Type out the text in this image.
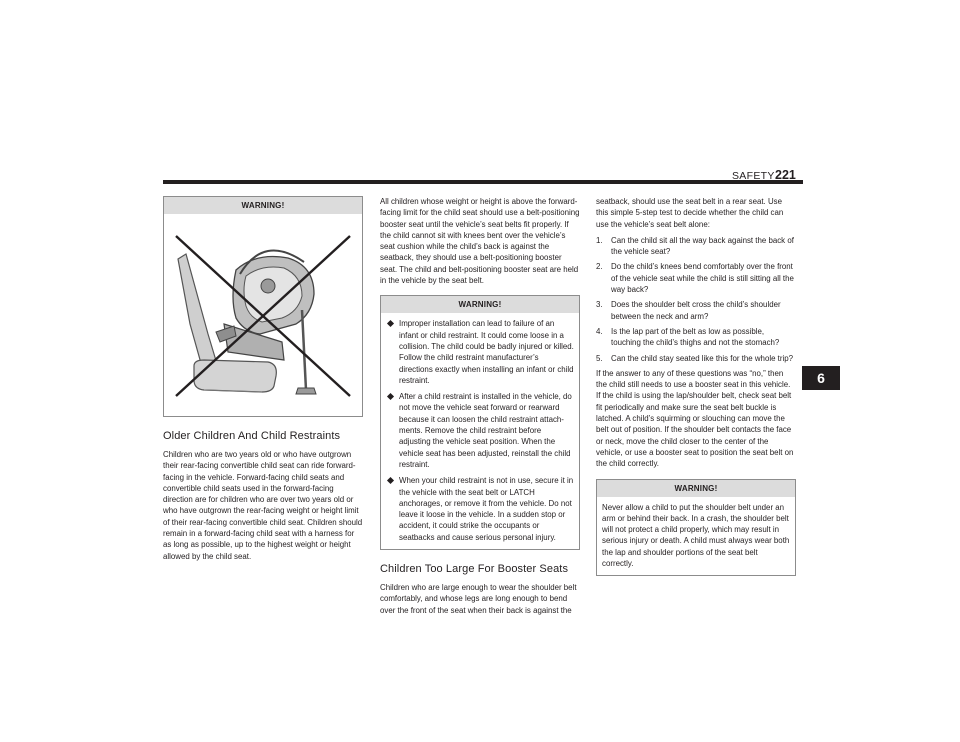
SAFETY 221
6
WARNING!
Older Children And Child Restraints

Children who are two years old or who have outgrown their rear-facing convertible child seat can ride forward-facing in the vehicle. Forward-facing child seats and convertible child seats used in the forward-facing direction are for children who are over two years old or who have outgrown the rear-facing weight or height limit of their rear-facing convertible child seat. Children should remain in a forward-facing child seat with a harness for as long as possible, up to the highest weight or height allowed by the child seat.

All children whose weight or height is above the forward-facing limit for the child seat should use a belt-positioning booster seat until the vehicle’s seat belts fit properly. If the child cannot sit with knees bent over the vehicle’s seat cushion while the child’s back is against the seatback, they should use a belt-positioning booster seat. The child and belt-positioning booster seat are held in the vehicle by the seat belt.

WARNING!
Improper installation can lead to failure of an infant or child restraint. It could come loose in a collision. The child could be badly injured or killed. Follow the child restraint manufacturer’s directions exactly when installing an infant or child restraint.
After a child restraint is installed in the vehicle, do not move the vehicle seat forward or rearward because it can loosen the child restraint attach-ments. Remove the child restraint before adjusting the vehicle seat position. When the vehicle seat has been adjusted, reinstall the child restraint.
When your child restraint is not in use, secure it in the vehicle with the seat belt or LATCH anchorages, or remove it from the vehicle. Do not leave it loose in the vehicle. In a sudden stop or accident, it could strike the occupants or seatbacks and cause serious personal injury.
Children Too Large For Booster Seats

Children who are large enough to wear the shoulder belt comfortably, and whose legs are long enough to bend over the front of the seat when their back is against the

seatback, should use the seat belt in a rear seat. Use this simple 5-step test to decide whether the child can use the vehicle’s seat belt alone:

1. Can the child sit all the way back against the back of the vehicle seat?
2. Do the child’s knees bend comfortably over the front of the vehicle seat while the child is still sitting all the way back?
3. Does the shoulder belt cross the child’s shoulder between the neck and arm?
4. Is the lap part of the belt as low as possible, touching the child’s thighs and not the stomach?
5. Can the child stay seated like this for the whole trip?

If the answer to any of these questions was “no,” then the child still needs to use a booster seat in this vehicle. If the child is using the lap/shoulder belt, check seat belt fit periodically and make sure the seat belt buckle is latched. A child’s squirming or slouching can move the belt out of position. If the shoulder belt contacts the face or neck, move the child closer to the center of the vehicle, or use a booster seat to position the seat belt on the child correctly.

WARNING!

Never allow a child to put the shoulder belt under an arm or behind their back. In a crash, the shoulder belt will not protect a child properly, which may result in serious injury or death. A child must always wear both the lap and shoulder portions of the seat belt correctly.
